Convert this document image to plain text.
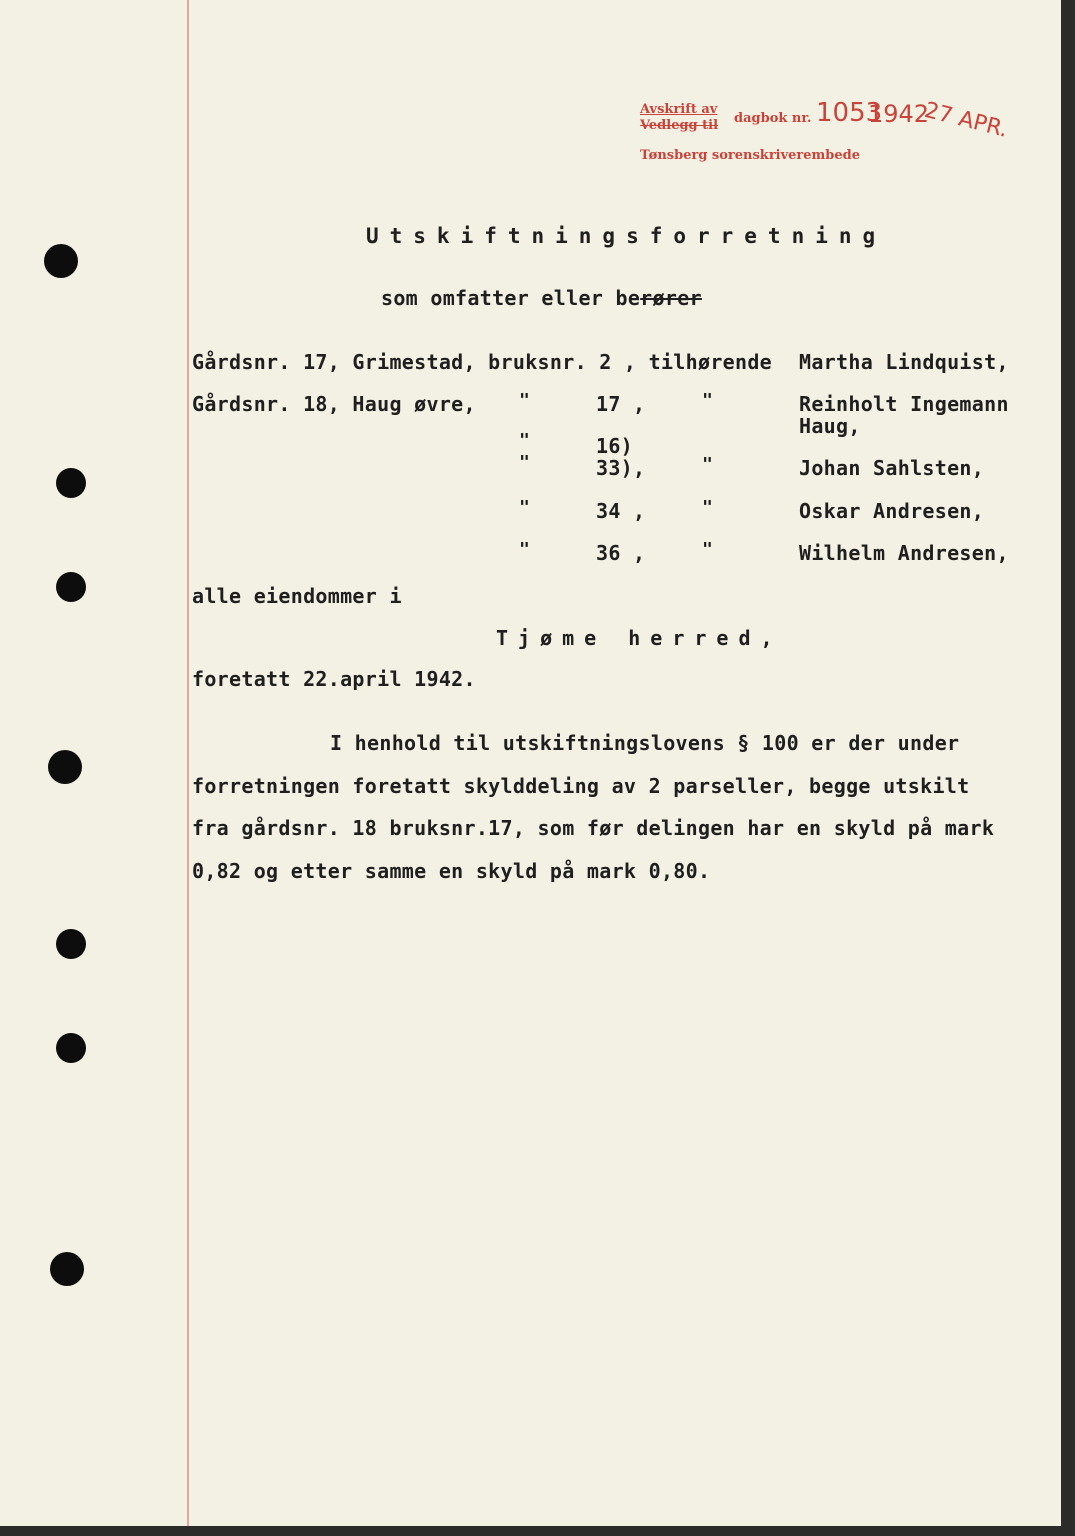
Avskrift av
Vedlegg til dagbok nr. 1053
1942
27 APR.
Tønsberg sorenskriverembede
Utskiftningsforretning
som omfatter eller berører
Gårdsnr. 17, Grimestad, bruksnr. 2 , tilhørende Martha Lindquist,
Gårdsnr. 18, Haug øvre, "	17 ,	"	Reinholt Ingemann
Haug,
"	16)
"	33),	"	Johan Sahlsten,
"	34 ,	"	Oskar Andresen,
"	36 ,	"	Wilhelm Andresen,
alle eiendommer i
Tjøme herred,
foretatt 22.april 1942.
I henhold til utskiftningslovens § 100 er der under
forretningen foretatt skylddeling av 2 parseller, begge utskilt
fra gårdsnr. 18 bruksnr.17, som før delingen har en skyld på mark
0,82 og etter samme en skyld på mark 0,80.
